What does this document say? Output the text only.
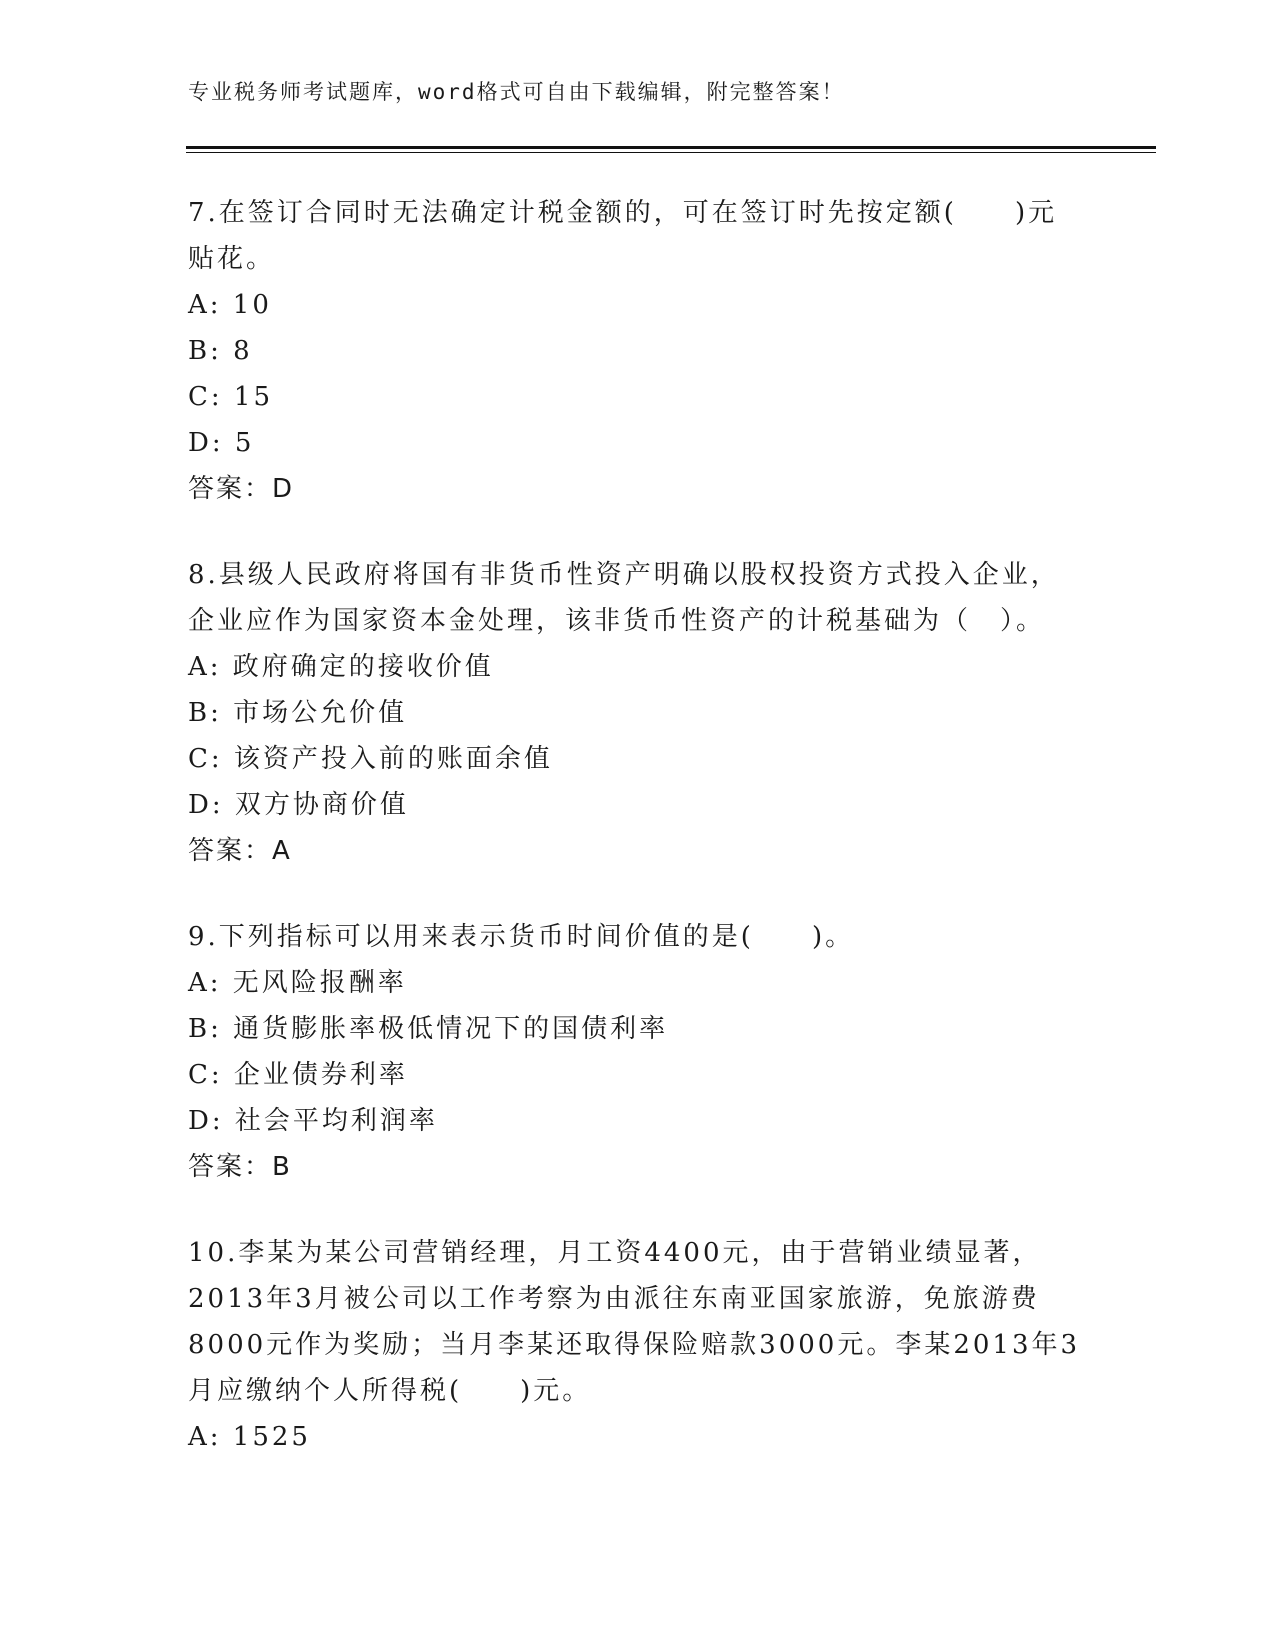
专业税务师考试题库，word格式可自由下载编辑，附完整答案！
7.在签订合同时无法确定计税金额的，可在签订时先按定额(　　)元
贴花。
A: 10
B: 8
C: 15
D: 5
答案：D
8.县级人民政府将国有非货币性资产明确以股权投资方式投入企业，
企业应作为国家资本金处理，该非货币性资产的计税基础为（　）。
A: 政府确定的接收价值
B: 市场公允价值
C: 该资产投入前的账面余值
D: 双方协商价值
答案：A
9.下列指标可以用来表示货币时间价值的是(　　)。
A: 无风险报酬率
B: 通货膨胀率极低情况下的国债利率
C: 企业债券利率
D: 社会平均利润率
答案：B
10.李某为某公司营销经理，月工资4400元，由于营销业绩显著，
2013年3月被公司以工作考察为由派往东南亚国家旅游，免旅游费
8000元作为奖励；当月李某还取得保险赔款3000元。李某2013年3
月应缴纳个人所得税(　　)元。
A: 1525
